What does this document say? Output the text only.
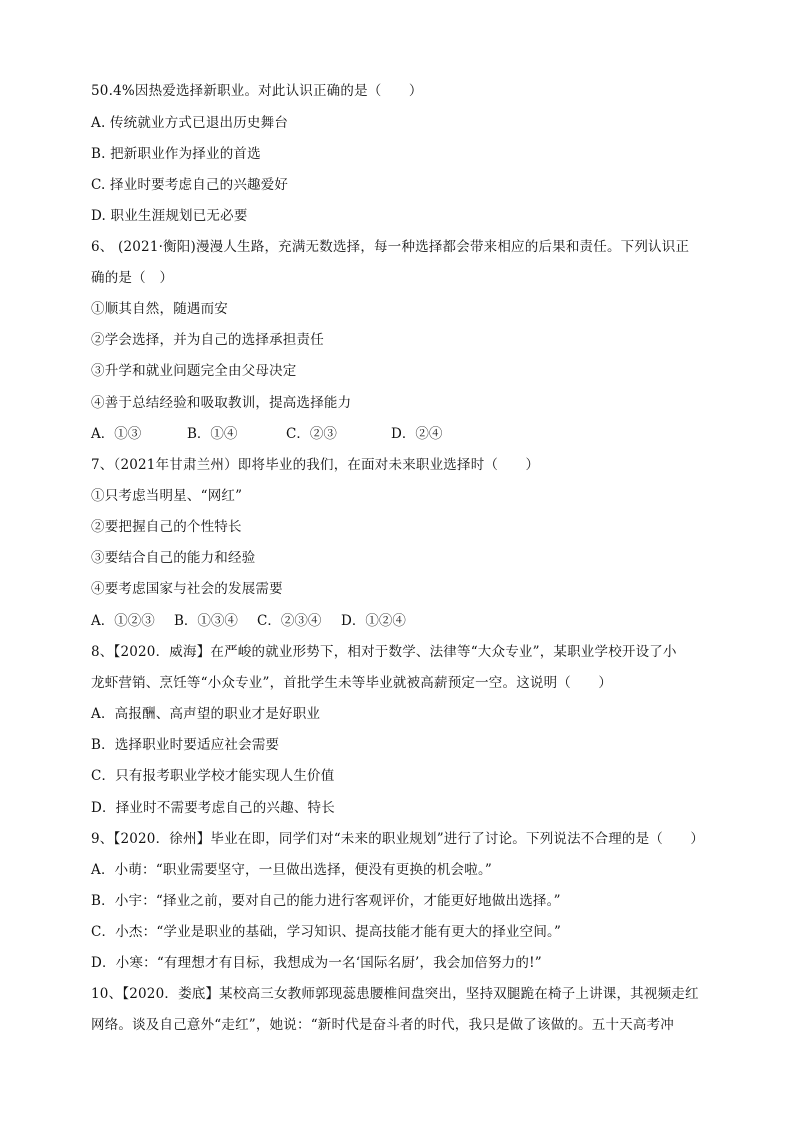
50.4%因热爱选择新职业。对此认识正确的是（　　）
A. 传统就业方式已退出历史舞台
B. 把新职业作为择业的首选
C. 择业时要考虑自己的兴趣爱好
D. 职业生涯规划已无必要
6、 (2021·衡阳)漫漫人生路，充满无数选择，每一种选择都会带来相应的后果和责任。下列认识正
确的是（　）
①顺其自然，随遇而安
②学会选择，并为自己的选择承担责任
③升学和就业问题完全由父母决定
④善于总结经验和吸取教训，提高选择能力
A．①③	B．①④	C．②③	D．②④
7、（2021年甘肃兰州）即将毕业的我们，在面对未来职业选择时（　　）
①只考虑当明星、“网红”
②要把握自己的个性特长
③要结合自己的能力和经验
④要考虑国家与社会的发展需要
A．①②③ B．①③④ C．②③④ D．①②④
8、【2020．威海】在严峻的就业形势下，相对于数学、法律等“大众专业”，某职业学校开设了小
龙虾营销、烹饪等“小众专业”，首批学生未等毕业就被高薪预定一空。这说明（　　）
A．高报酬、高声望的职业才是好职业
B．选择职业时要适应社会需要
C．只有报考职业学校才能实现人生价值
D．择业时不需要考虑自己的兴趣、特长
9、【2020．徐州】毕业在即，同学们对“未来的职业规划”进行了讨论。下列说法不合理的是（　　）
A．小萌：“职业需要坚守，一旦做出选择，便没有更换的机会啦。”
B．小宇：“择业之前，要对自己的能力进行客观评价，才能更好地做出选择。”
C．小杰：“学业是职业的基础，学习知识、提高技能才能有更大的择业空间。”
D．小寒：“有理想才有目标，我想成为一名‘国际名厨’，我会加倍努力的!”
10、【2020．娄底】某校高三女教师郭现蕊患腰椎间盘突出，坚持双腿跪在椅子上讲课，其视频走红
网络。谈及自己意外“走红”，她说：“新时代是奋斗者的时代，我只是做了该做的。五十天高考冲
